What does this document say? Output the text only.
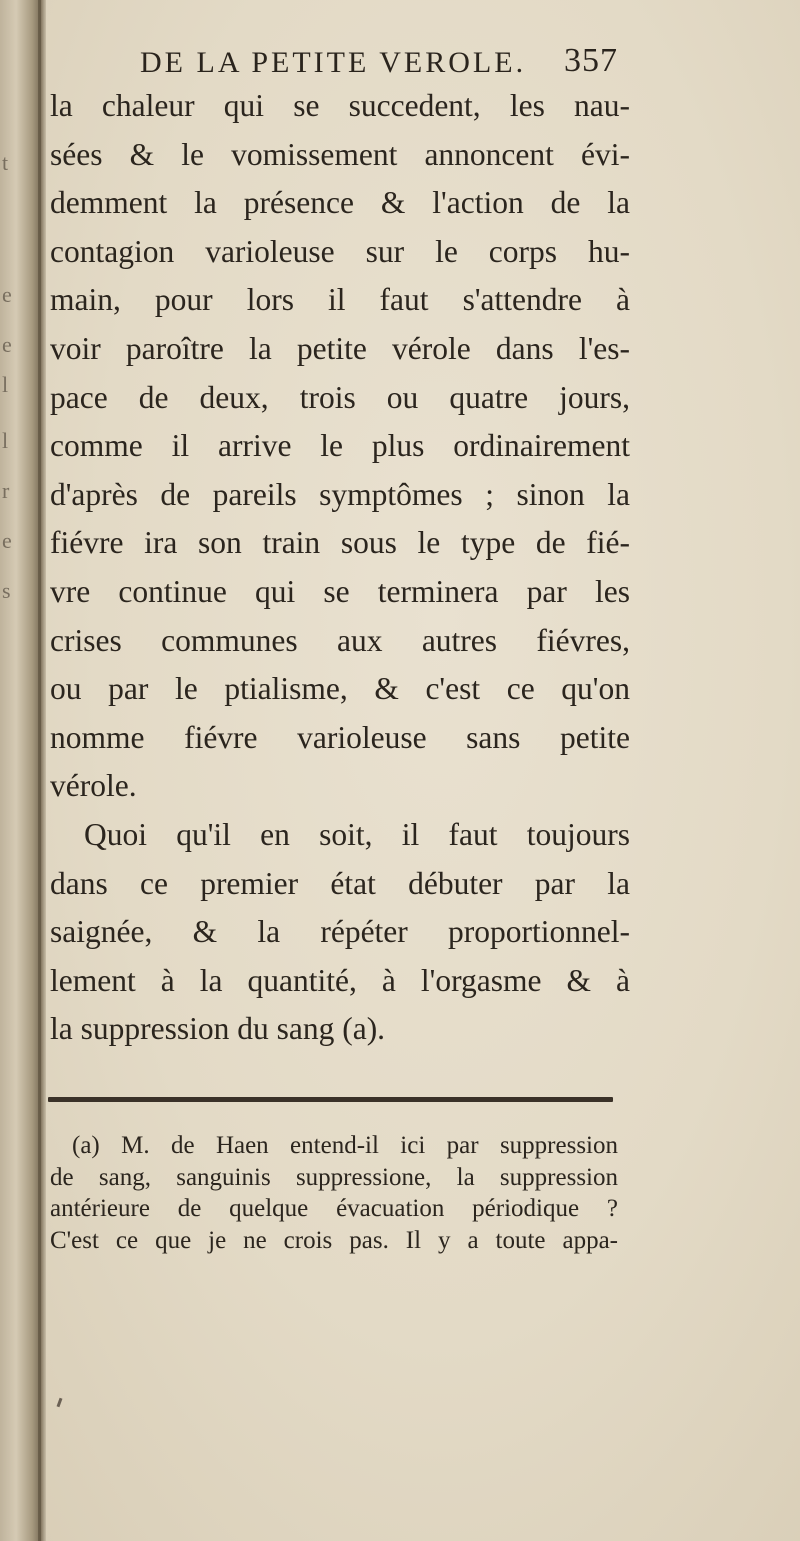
t
e
e
l
l
r
e
s
DE LA PETITE VEROLE. 357
la chaleur qui se succedent, les nau-
sées & le vomissement annoncent évi-
demment la présence & l'action de la
contagion varioleuse sur le corps hu-
main, pour lors il faut s'attendre à
voir paroître la petite vérole dans l'es-
pace de deux, trois ou quatre jours,
comme il arrive le plus ordinairement
d'après de pareils symptômes ; sinon la
fiévre ira son train sous le type de fié-
vre continue qui se terminera par les
crises communes aux autres fiévres,
ou par le ptialisme, & c'est ce qu'on
nomme fiévre varioleuse sans petite
vérole.
Quoi qu'il en soit, il faut toujours
dans ce premier état débuter par la
saignée, & la répéter proportionnel-
lement à la quantité, à l'orgasme & à
la suppression du sang (a).
(a) M. de Haen entend-il ici par suppression
de sang, sanguinis suppressione, la suppression
antérieure de quelque évacuation périodique ?
C'est ce que je ne crois pas. Il y a toute appa-
